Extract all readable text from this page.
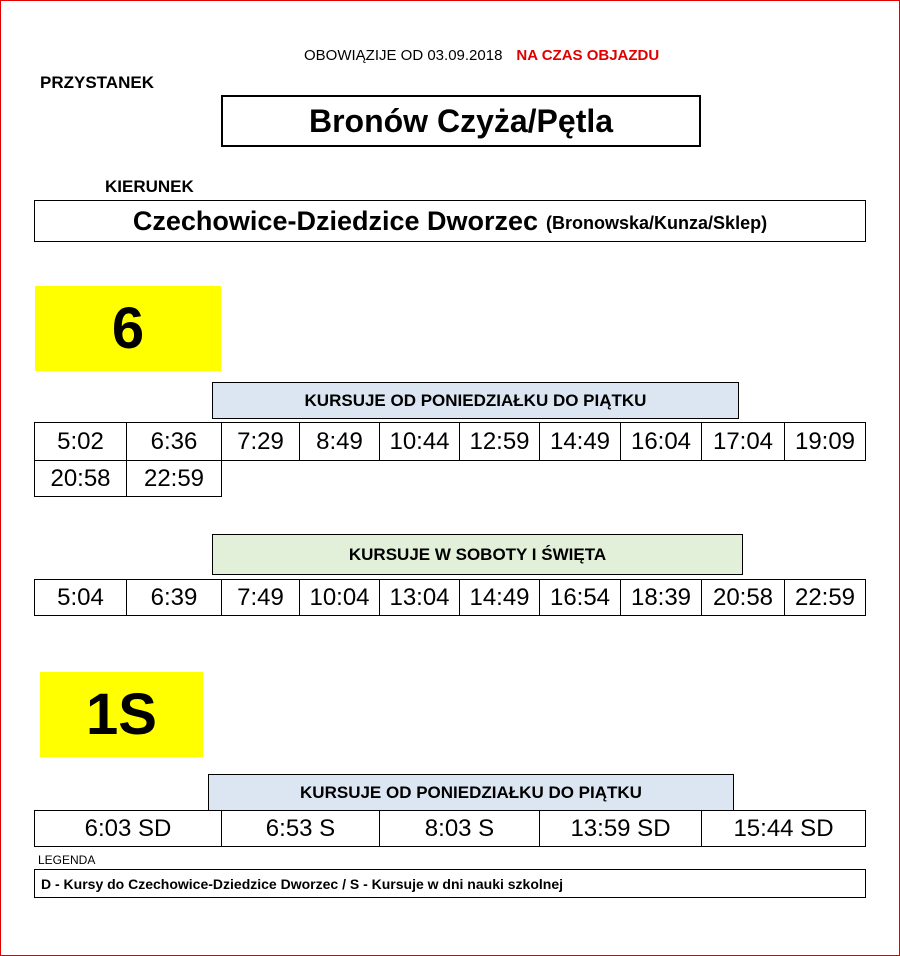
OBOWIĄZIJE OD 03.09.2018 NA CZAS OBJAZDU
PRZYSTANEK
Bronów Czyża/Pętla
KIERUNEK
Czechowice-Dziedzice Dworzec (Bronowska/Kunza/Sklep)
6
KURSUJE OD PONIEDZIAŁKU DO PIĄTKU
5:02	6:36	7:29	8:49	10:44 12:59 14:49 16:04 17:04 19:09
20:58	22:59
KURSUJE W SOBOTY I ŚWIĘTA
5:04	6:39	7:49	10:04 13:04 14:49 16:54 18:39 20:58 22:59
1S
KURSUJE OD PONIEDZIAŁKU DO PIĄTKU
6:03 SD	6:53 S	8:03 S	13:59 SD	15:44 SD
LEGENDA
D - Kursy do Czechowice-Dziedzice Dworzec / S - Kursuje w dni nauki szkolnej
